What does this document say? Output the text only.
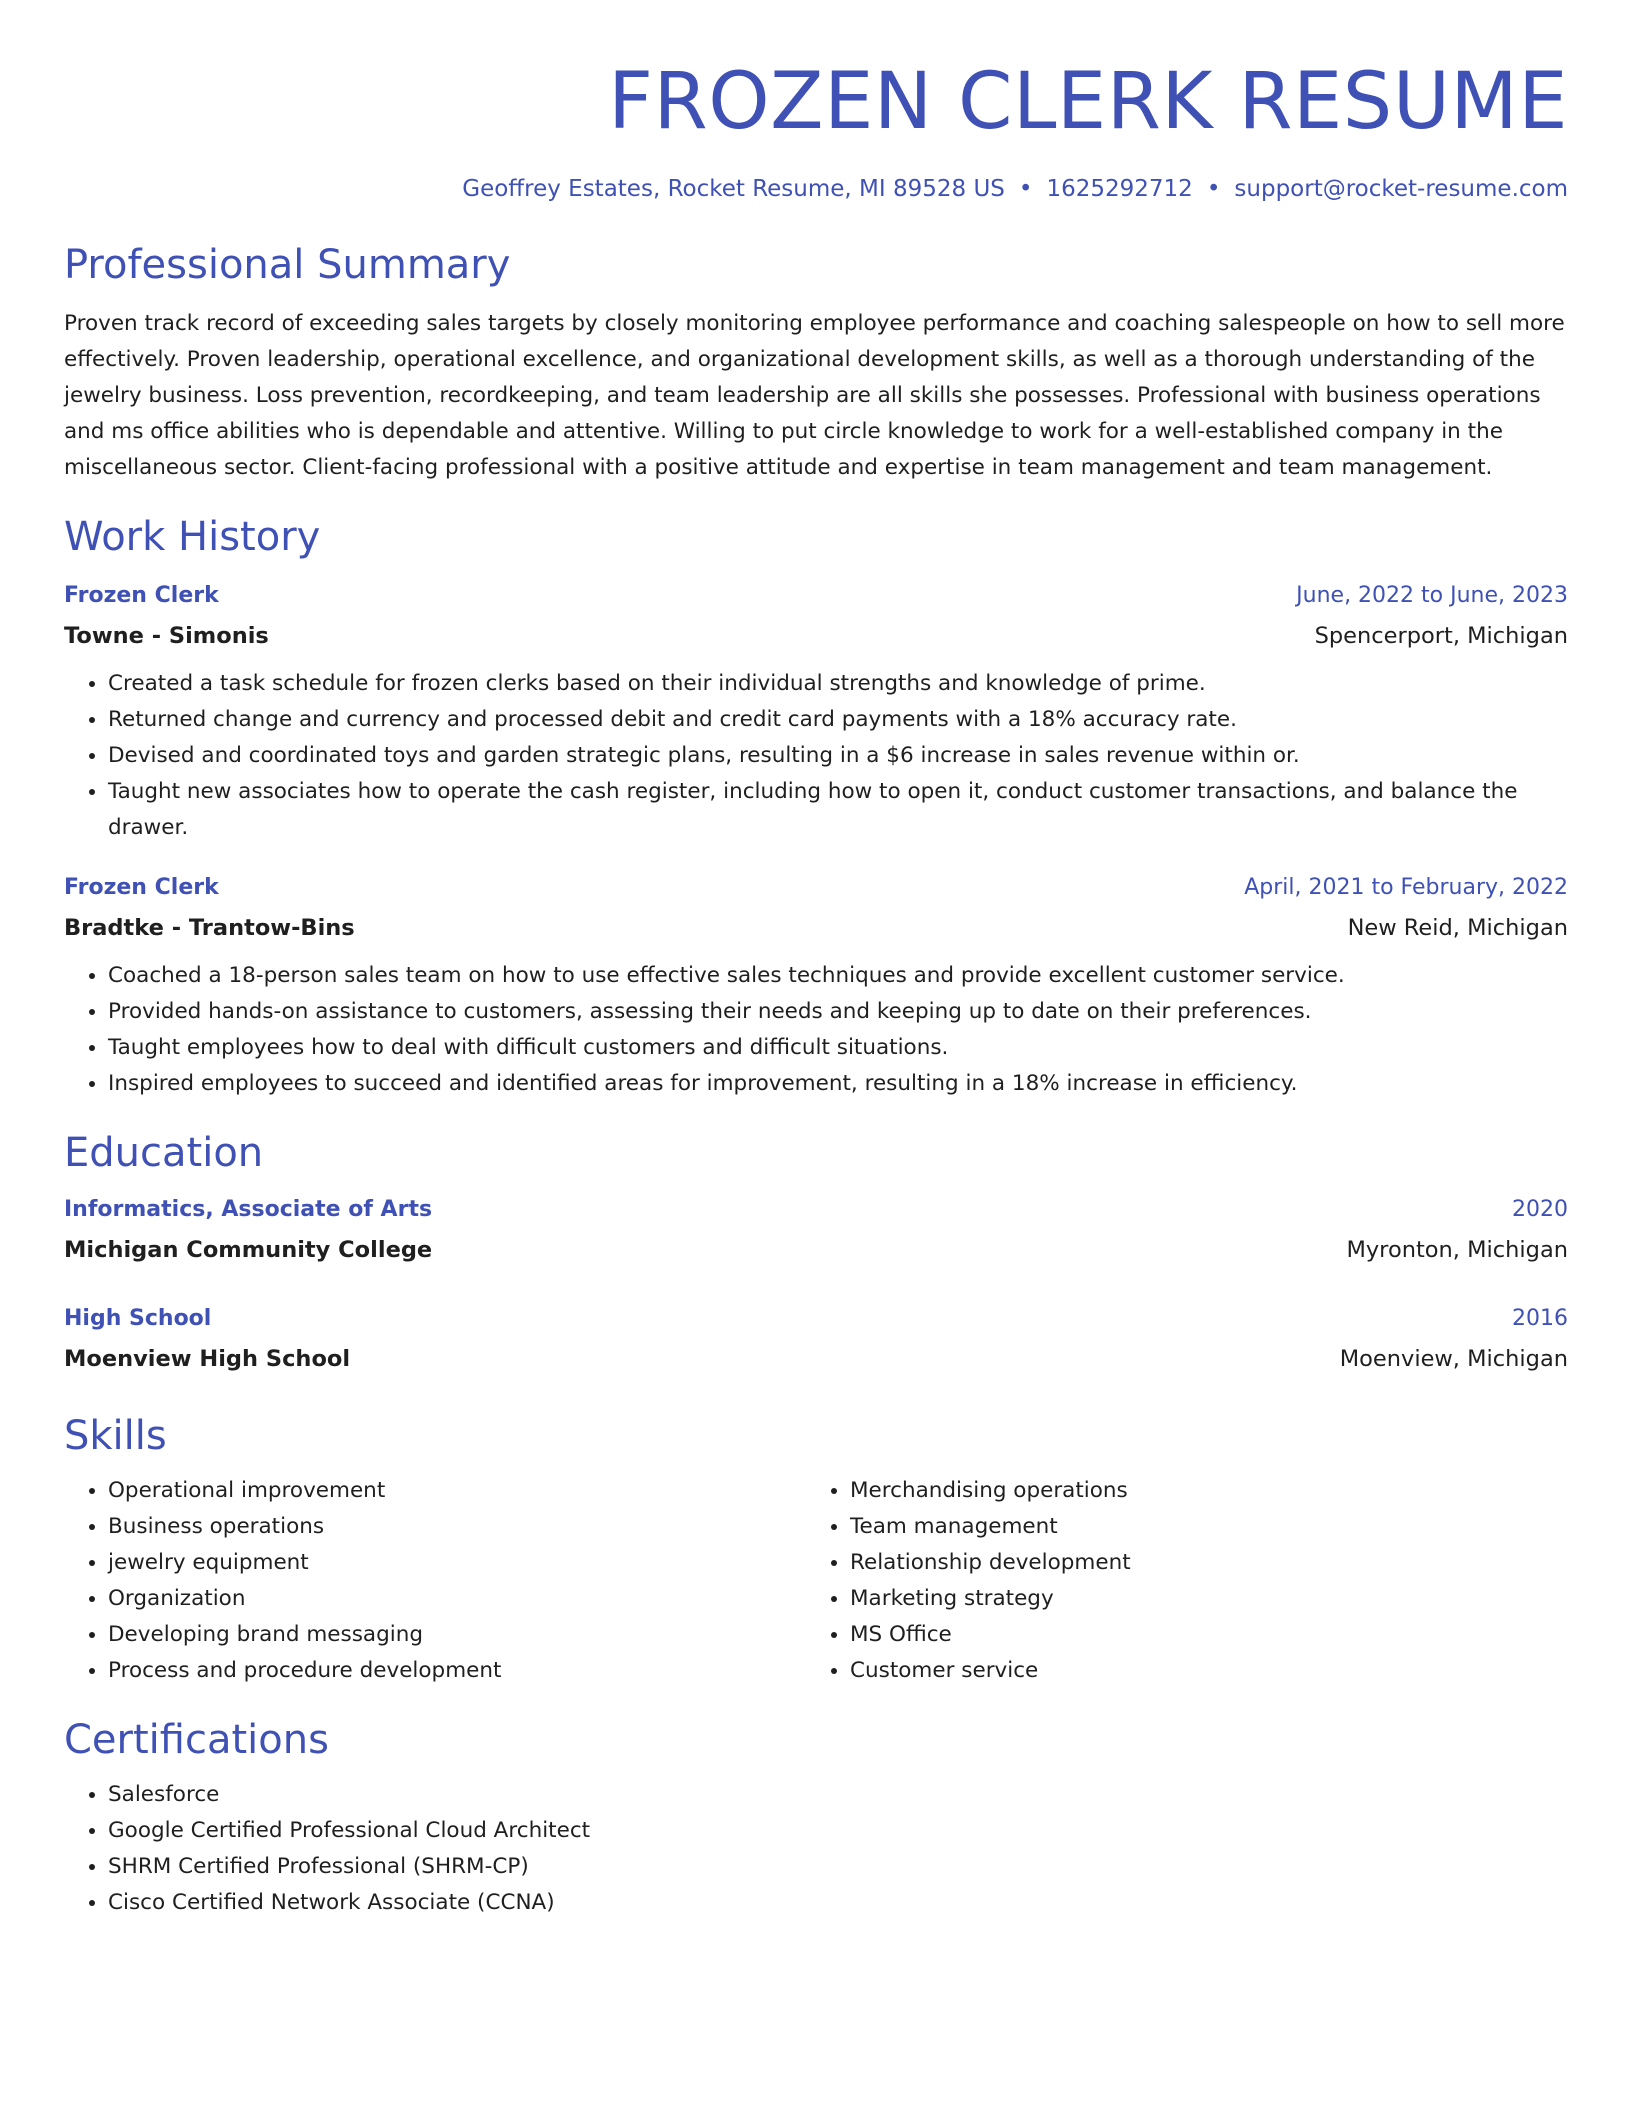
FROZEN CLERK RESUME
Geoffrey Estates, Rocket Resume, MI 89528 US • 1625292712 • support@rocket-resume.com
Professional Summary
Proven track record of exceeding sales targets by closely monitoring employee performance and coaching salespeople on how to sell more effectively. Proven leadership, operational excellence, and organizational development skills, as well as a thorough understanding of the jewelry business. Loss prevention, recordkeeping, and team leadership are all skills she possesses. Professional with business operations and ms office abilities who is dependable and attentive. Willing to put circle knowledge to work for a well-established company in the miscellaneous sector. Client-facing professional with a positive attitude and expertise in team management and team management.
Work History
Frozen Clerk	June, 2022 to June, 2023
Towne - Simonis	Spencerport, Michigan
• Created a task schedule for frozen clerks based on their individual strengths and knowledge of prime.
• Returned change and currency and processed debit and credit card payments with a 18% accuracy rate.
• Devised and coordinated toys and garden strategic plans, resulting in a $6 increase in sales revenue within or.
• Taught new associates how to operate the cash register, including how to open it, conduct customer transactions, and balance the drawer.
Frozen Clerk	April, 2021 to February, 2022
Bradtke - Trantow-Bins	New Reid, Michigan
• Coached a 18-person sales team on how to use effective sales techniques and provide excellent customer service.
• Provided hands-on assistance to customers, assessing their needs and keeping up to date on their preferences.
• Taught employees how to deal with difficult customers and difficult situations.
• Inspired employees to succeed and identified areas for improvement, resulting in a 18% increase in efficiency.
Education
Informatics, Associate of Arts	2020
Michigan Community College	Myronton, Michigan
High School	2016
Moenview High School	Moenview, Michigan
Skills
• Operational improvement
• Business operations
• jewelry equipment
• Organization
• Developing brand messaging
• Process and procedure development
• Merchandising operations
• Team management
• Relationship development
• Marketing strategy
• MS Office
• Customer service
Certifications
• Salesforce
• Google Certified Professional Cloud Architect
• SHRM Certified Professional (SHRM-CP)
• Cisco Certified Network Associate (CCNA)
